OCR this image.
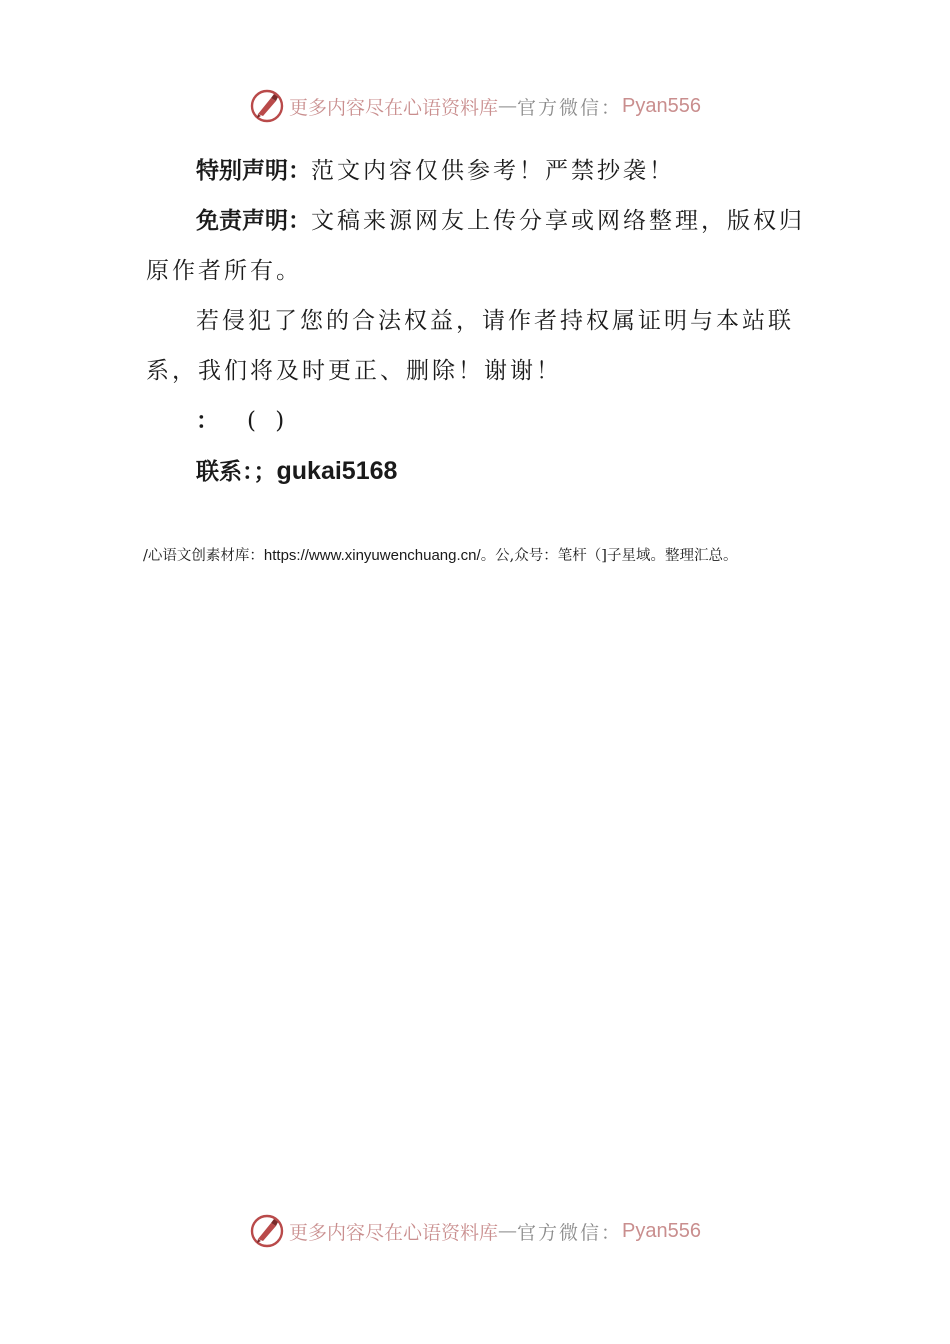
更多内容尽在心语资料库 — 官方微信： Pyan556

特别声明：范文内容仅供参考！严禁抄袭！

免责声明：文稿来源网友上传分享或网络整理，版权归原作者所有。

若侵犯了您的合法权益，请作者持权属证明与本站联系，我们将及时更正、删除！谢谢！

： ( )

联系：；gukai5168

/心语文创素材库：https://www.xinyuwenchuang.cn/。公,众号：笔杆（]子星域。整理汇总。
更多内容尽在心语资料库 — 官方微信： Pyan556
